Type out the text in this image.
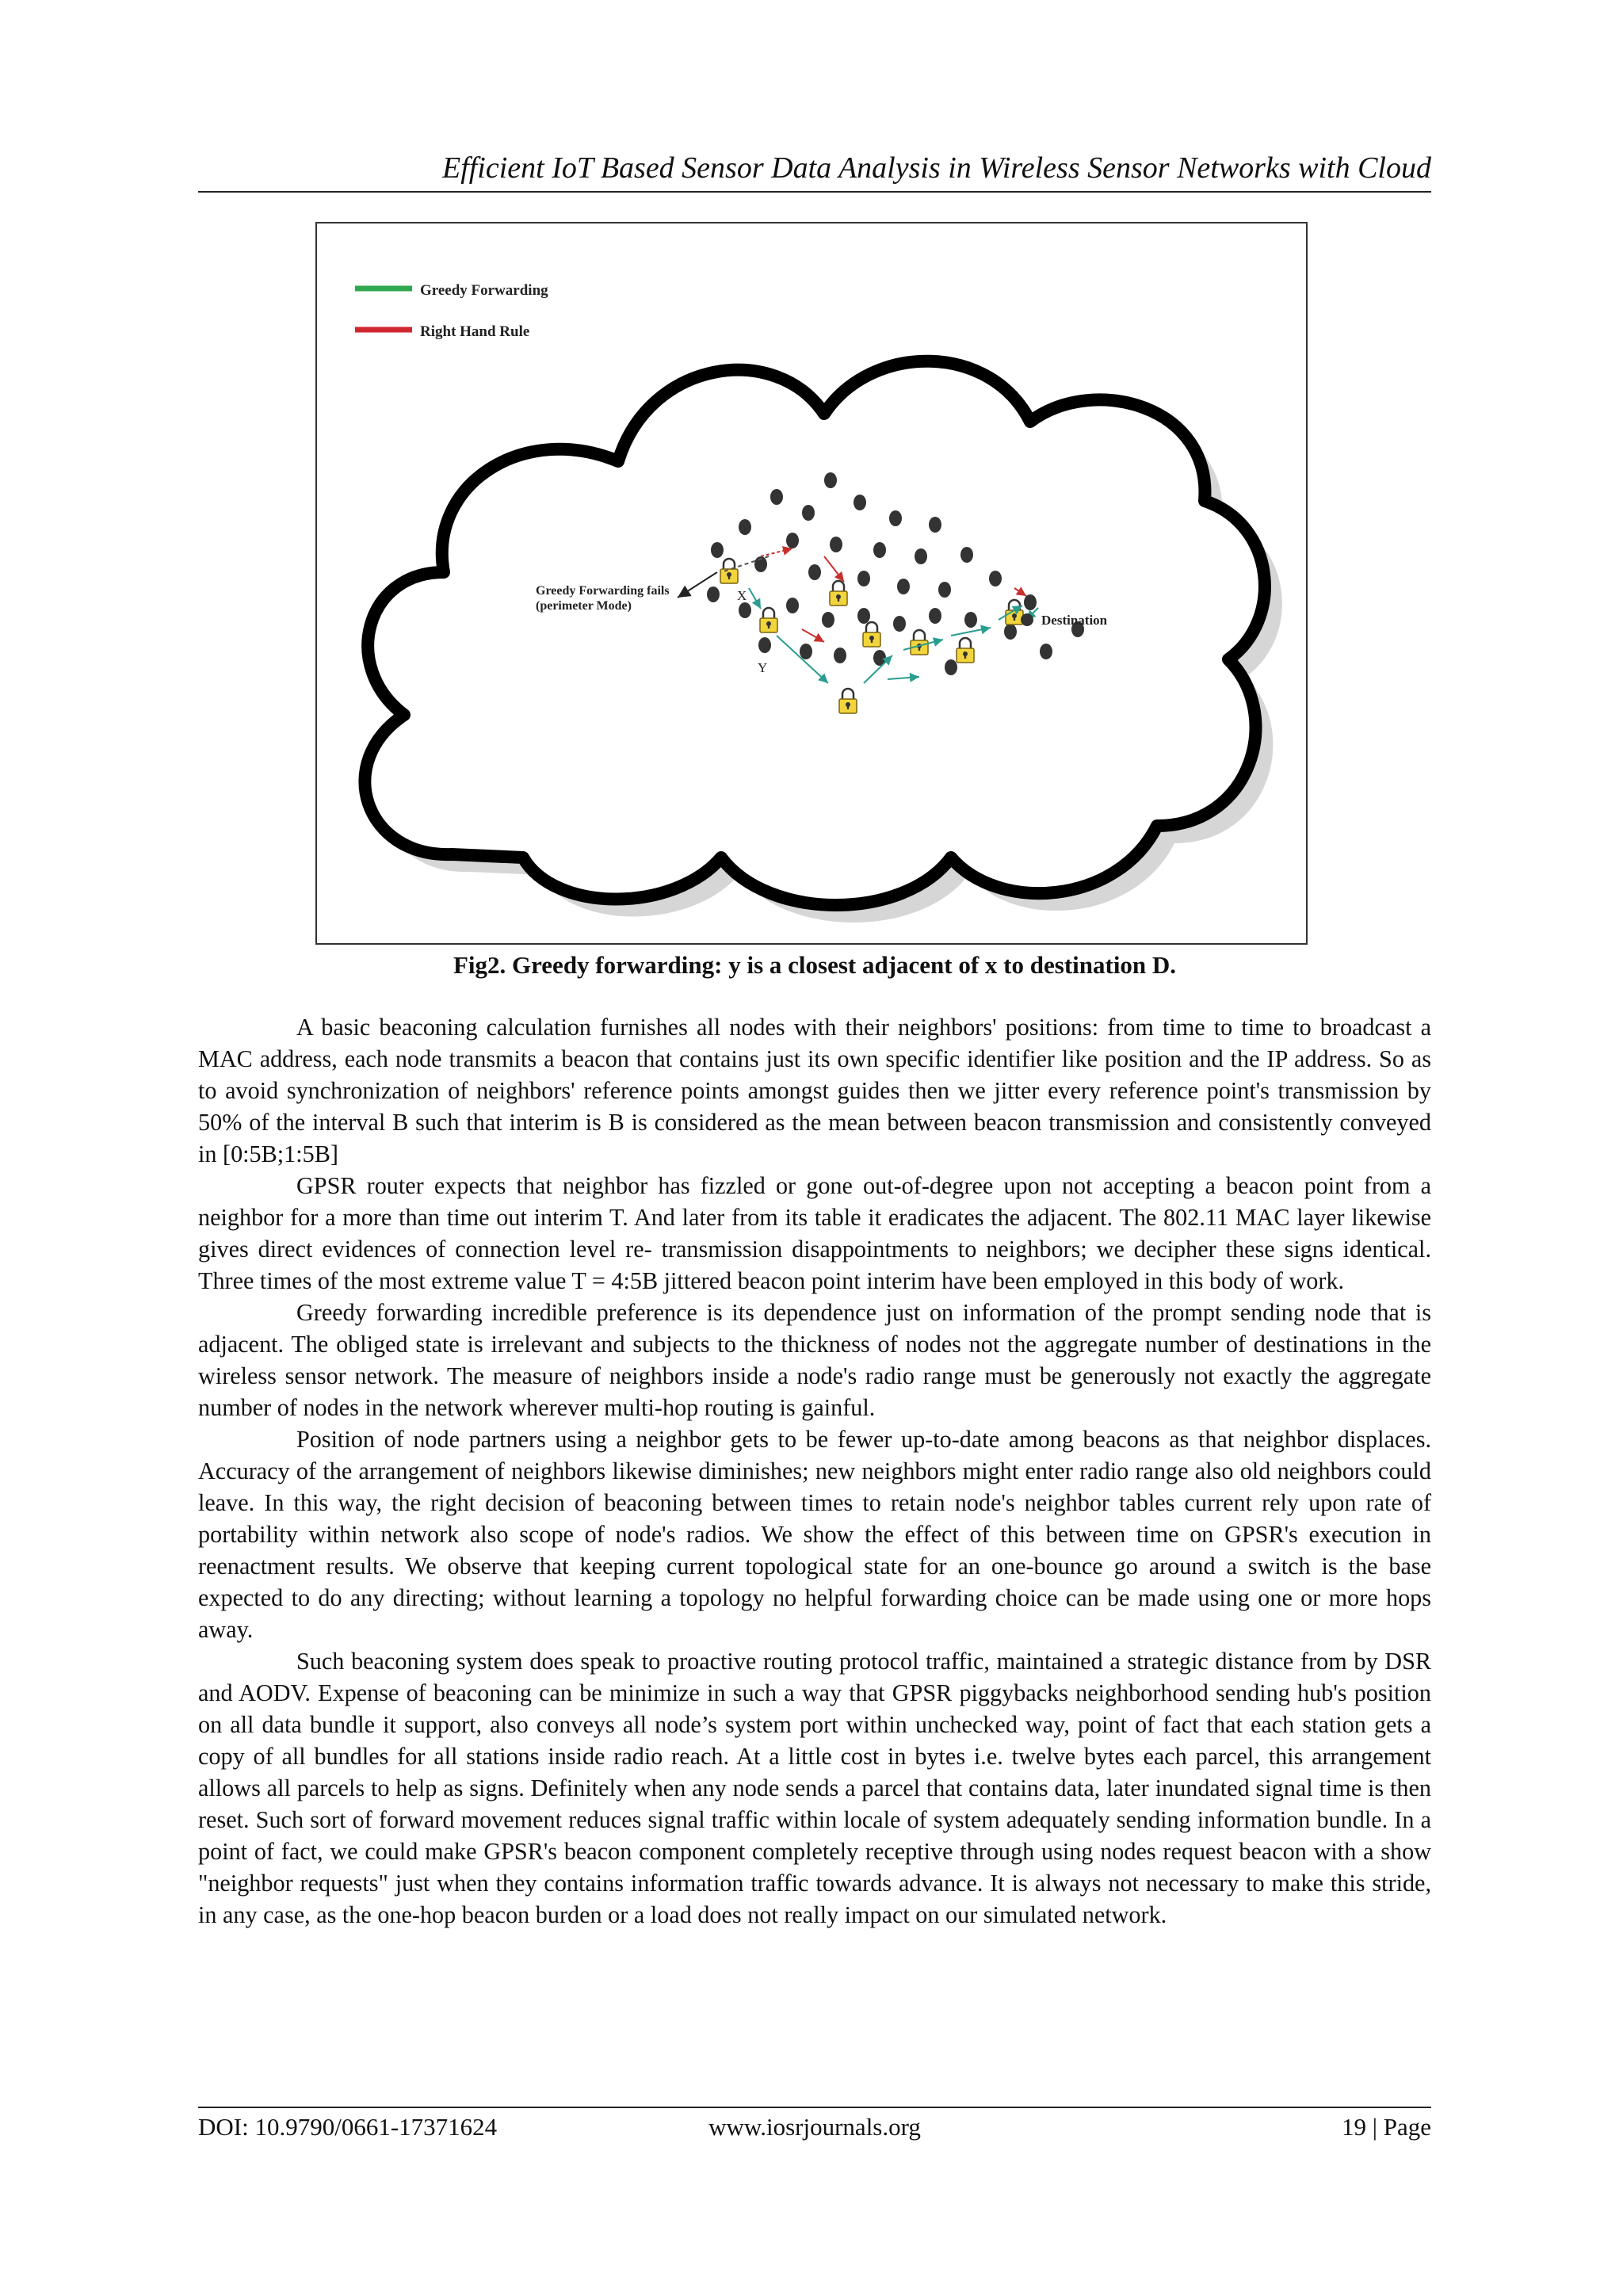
Efficient IoT Based Sensor Data Analysis in Wireless Sensor Networks with Cloud
Greedy Forwarding
Right Hand Rule
Greedy Forwarding fails
(perimeter Mode)
X
Y
Destination
Fig2. Greedy forwarding: y is a closest adjacent of x to destination D.

A basic beaconing calculation furnishes all nodes with their neighbors' positions: from time to time to broadcast a MAC address, each node transmits a beacon that contains just its own specific identifier like position and the IP address. So as to avoid synchronization of neighbors' reference points amongst guides then we jitter every reference point's transmission by 50% of the interval B such that interim is B is considered as the mean between beacon transmission and consistently conveyed in [0:5B;1:5B]

GPSR router expects that neighbor has fizzled or gone out-of-degree upon not accepting a beacon point from a neighbor for a more than time out interim T. And later from its table it eradicates the adjacent. The 802.11 MAC layer likewise gives direct evidences of connection level re- transmission disappointments to neighbors; we decipher these signs identical. Three times of the most extreme value T = 4:5B jittered beacon point interim have been employed in this body of work.

Greedy forwarding incredible preference is its dependence just on information of the prompt sending node that is adjacent. The obliged state is irrelevant and subjects to the thickness of nodes not the aggregate number of destinations in the wireless sensor network. The measure of neighbors inside a node's radio range must be generously not exactly the aggregate number of nodes in the network wherever multi-hop routing is gainful.

Position of node partners using a neighbor gets to be fewer up-to-date among beacons as that neighbor displaces. Accuracy of the arrangement of neighbors likewise diminishes; new neighbors might enter radio range also old neighbors could leave. In this way, the right decision of beaconing between times to retain node's neighbor tables current rely upon rate of portability within network also scope of node's radios. We show the effect of this between time on GPSR's execution in reenactment results. We observe that keeping current topological state for an one-bounce go around a switch is the base expected to do any directing; without learning a topology no helpful forwarding choice can be made using one or more hops away.

Such beaconing system does speak to proactive routing protocol traffic, maintained a strategic distance from by DSR and AODV. Expense of beaconing can be minimize in such a way that GPSR piggybacks neighborhood sending hub's position on all data bundle it support, also conveys all node’s system port within unchecked way, point of fact that each station gets a copy of all bundles for all stations inside radio reach. At a little cost in bytes i.e. twelve bytes each parcel, this arrangement allows all parcels to help as signs. Definitely when any node sends a parcel that contains data, later inundated signal time is then reset. Such sort of forward movement reduces signal traffic within locale of system adequately sending information bundle. In a point of fact, we could make GPSR's beacon component completely receptive through using nodes request beacon with a show "neighbor requests" just when they contains information traffic towards advance. It is always not necessary to make this stride, in any case, as the one-hop beacon burden or a load does not really impact on our simulated network.

DOI: 10.9790/0661-17371624	www.iosrjournals.org	19 | Page
